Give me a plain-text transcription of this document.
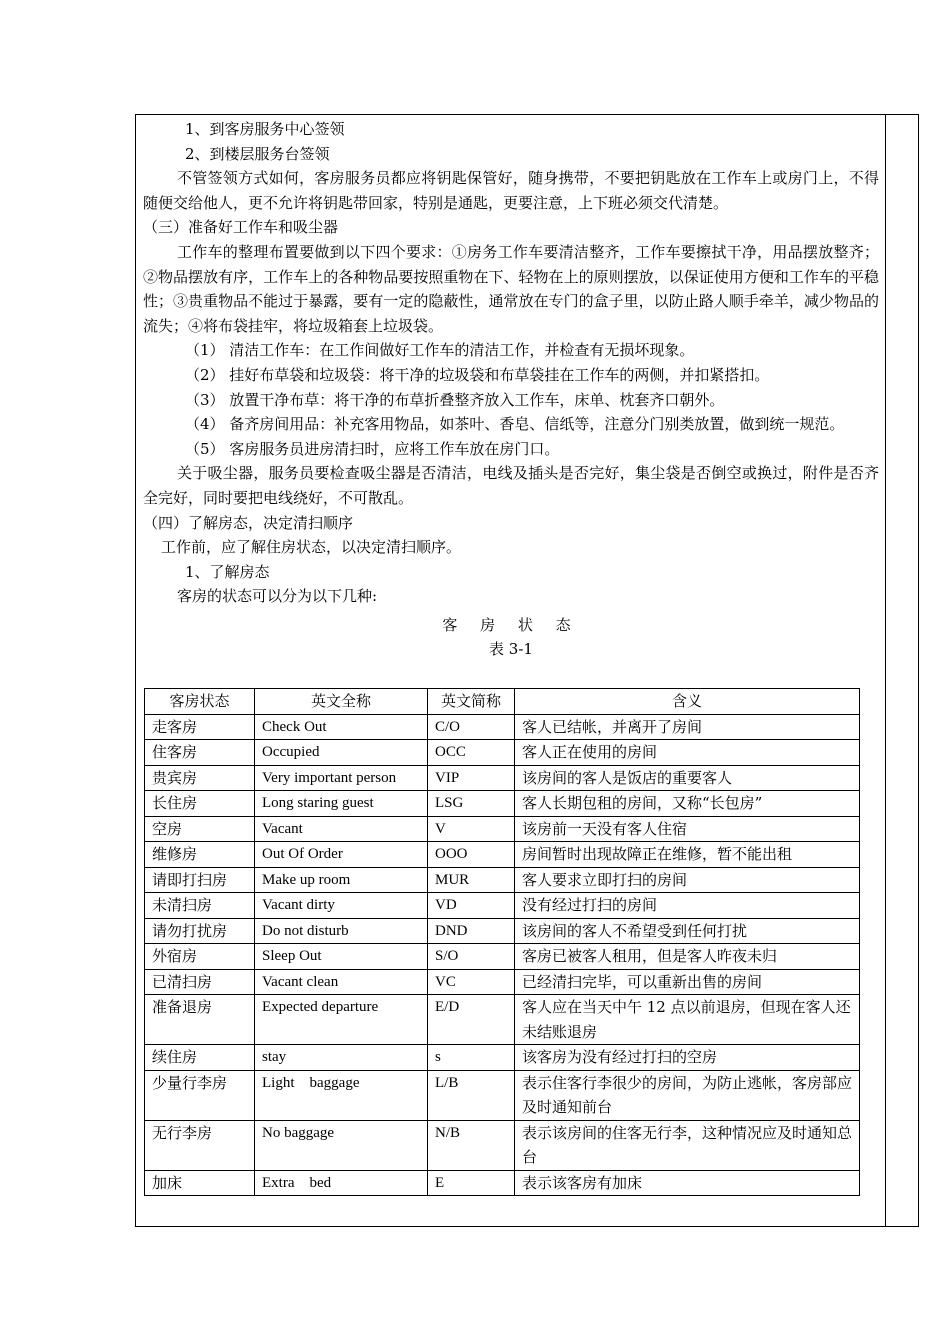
1、到客房服务中心签领

2、到楼层服务台签领

不管签领方式如何，客房服务员都应将钥匙保管好，随身携带，不要把钥匙放在工作车上或房门上，不得随便交给他人，更不允许将钥匙带回家，特别是通匙，更要注意，上下班必须交代清楚。

（三）准备好工作车和吸尘器

工作车的整理布置要做到以下四个要求：①房务工作车要清洁整齐，工作车要擦拭干净，用品摆放整齐；②物品摆放有序，工作车上的各种物品要按照重物在下、轻物在上的原则摆放，以保证使用方便和工作车的平稳性；③贵重物品不能过于暴露，要有一定的隐蔽性，通常放在专门的盒子里，以防止路人顺手牵羊，减少物品的流失；④将布袋挂牢，将垃圾箱套上垃圾袋。

（1） 清洁工作车：在工作间做好工作车的清洁工作，并检查有无损坏现象。

（2） 挂好布草袋和垃圾袋：将干净的垃圾袋和布草袋挂在工作车的两侧，并扣紧搭扣。

（3） 放置干净布草：将干净的布草折叠整齐放入工作车，床单、枕套齐口朝外。

（4） 备齐房间用品：补充客用物品，如茶叶、香皂、信纸等，注意分门别类放置，做到统一规范。

（5） 客房服务员进房清扫时，应将工作车放在房门口。

关于吸尘器，服务员要检查吸尘器是否清洁，电线及插头是否完好，集尘袋是否倒空或换过，附件是否齐全完好，同时要把电线绕好，不可散乱。

（四）了解房态，决定清扫顺序

工作前，应了解住房状态，以决定清扫顺序。

1、了解房态

客房的状态可以分为以下几种:

客 房 状 态

表 3-1

客房状态	英文全称	英文简称	含义
走客房	Check Out	C/O	客人已结帐，并离开了房间
住客房	Occupied	OCC	客人正在使用的房间
贵宾房	Very important person	VIP	该房间的客人是饭店的重要客人
长住房	Long staring guest	LSG	客人长期包租的房间，又称“长包房”
空房	Vacant	V	该房前一天没有客人住宿
维修房	Out Of Order	OOO	房间暂时出现故障正在维修，暂不能出租
请即打扫房	Make up room	MUR	客人要求立即打扫的房间
未清扫房	Vacant dirty	VD	没有经过打扫的房间
请勿打扰房	Do not disturb	DND	该房间的客人不希望受到任何打扰
外宿房	Sleep Out	S/O	客房已被客人租用，但是客人昨夜未归
已清扫房	Vacant clean	VC	已经清扫完毕，可以重新出售的房间
准备退房	Expected departure	E/D	客人应在当天中午 12 点以前退房，但现在客人还未结账退房
续住房	stay	s	该客房为没有经过打扫的空房
少量行李房	Light　baggage	L/B	表示住客行李很少的房间，为防止逃帐，客房部应及时通知前台
无行李房	No baggage	N/B	表示该房间的住客无行李，这种情况应及时通知总台
加床	Extra　bed	E	表示该客房有加床
